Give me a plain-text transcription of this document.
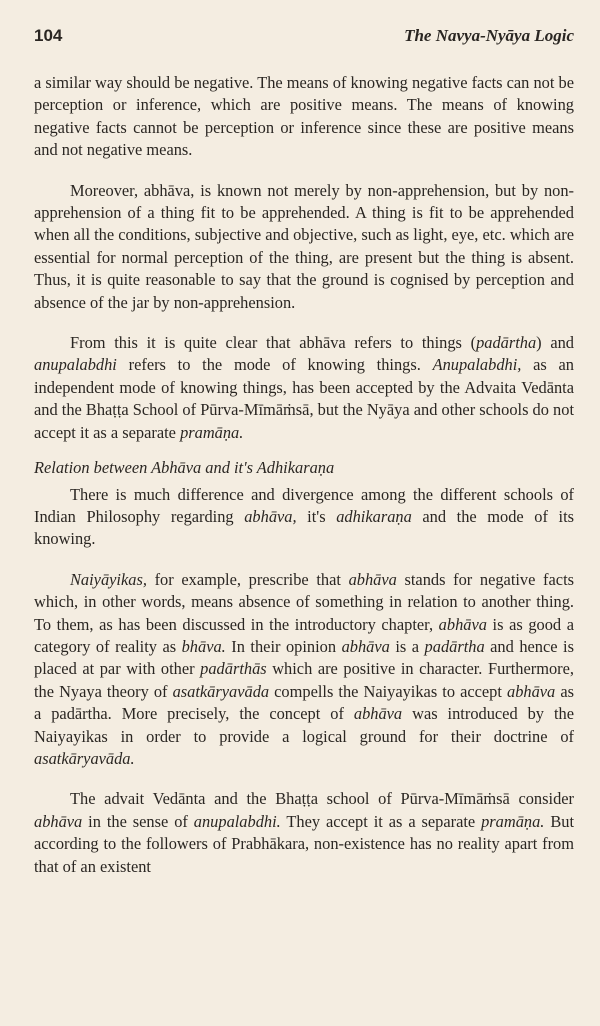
104	The Navya-Nyāya Logic

a similar way should be negative. The means of knowing negative facts can not be perception or inference, which are positive means. The means of knowing negative facts cannot be perception or inference since these are positive means and not negative means.

Moreover, abhāva, is known not merely by non-apprehension, but by non-apprehension of a thing fit to be apprehended. A thing is fit to be apprehended when all the conditions, subjective and objective, such as light, eye, etc. which are essential for normal perception of the thing, are present but the thing is absent. Thus, it is quite reasonable to say that the ground is cognised by perception and absence of the jar by non-apprehension.

From this it is quite clear that abhāva refers to things (padārtha) and anupalabdhi refers to the mode of knowing things. Anupalabdhi, as an independent mode of knowing things, has been accepted by the Advaita Vedānta and the Bhaṭṭa School of Pūrva-Mīmāṁsā, but the Nyāya and other schools do not accept it as a separate pramāṇa.

Relation between Abhāva and it's Adhikaraṇa

There is much difference and divergence among the different schools of Indian Philosophy regarding abhāva, it's adhikaraṇa and the mode of its knowing.

Naiyāyikas, for example, prescribe that abhāva stands for negative facts which, in other words, means absence of something in relation to another thing. To them, as has been discussed in the introductory chapter, abhāva is as good a category of reality as bhāva. In their opinion abhāva is a padārtha and hence is placed at par with other padārthās which are positive in character. Furthermore, the Nyaya theory of asatkāryavāda compells the Naiyayikas to accept abhāva as a padārtha. More precisely, the concept of abhāva was introduced by the Naiyayikas in order to provide a logical ground for their doctrine of asatkāryavāda.

The advait Vedānta and the Bhaṭṭa school of Pūrva-Mīmāṁsā consider abhāva in the sense of anupalabdhi. They accept it as a separate pramāṇa. But according to the followers of Prabhākara, non-existence has no reality apart from that of an existent
